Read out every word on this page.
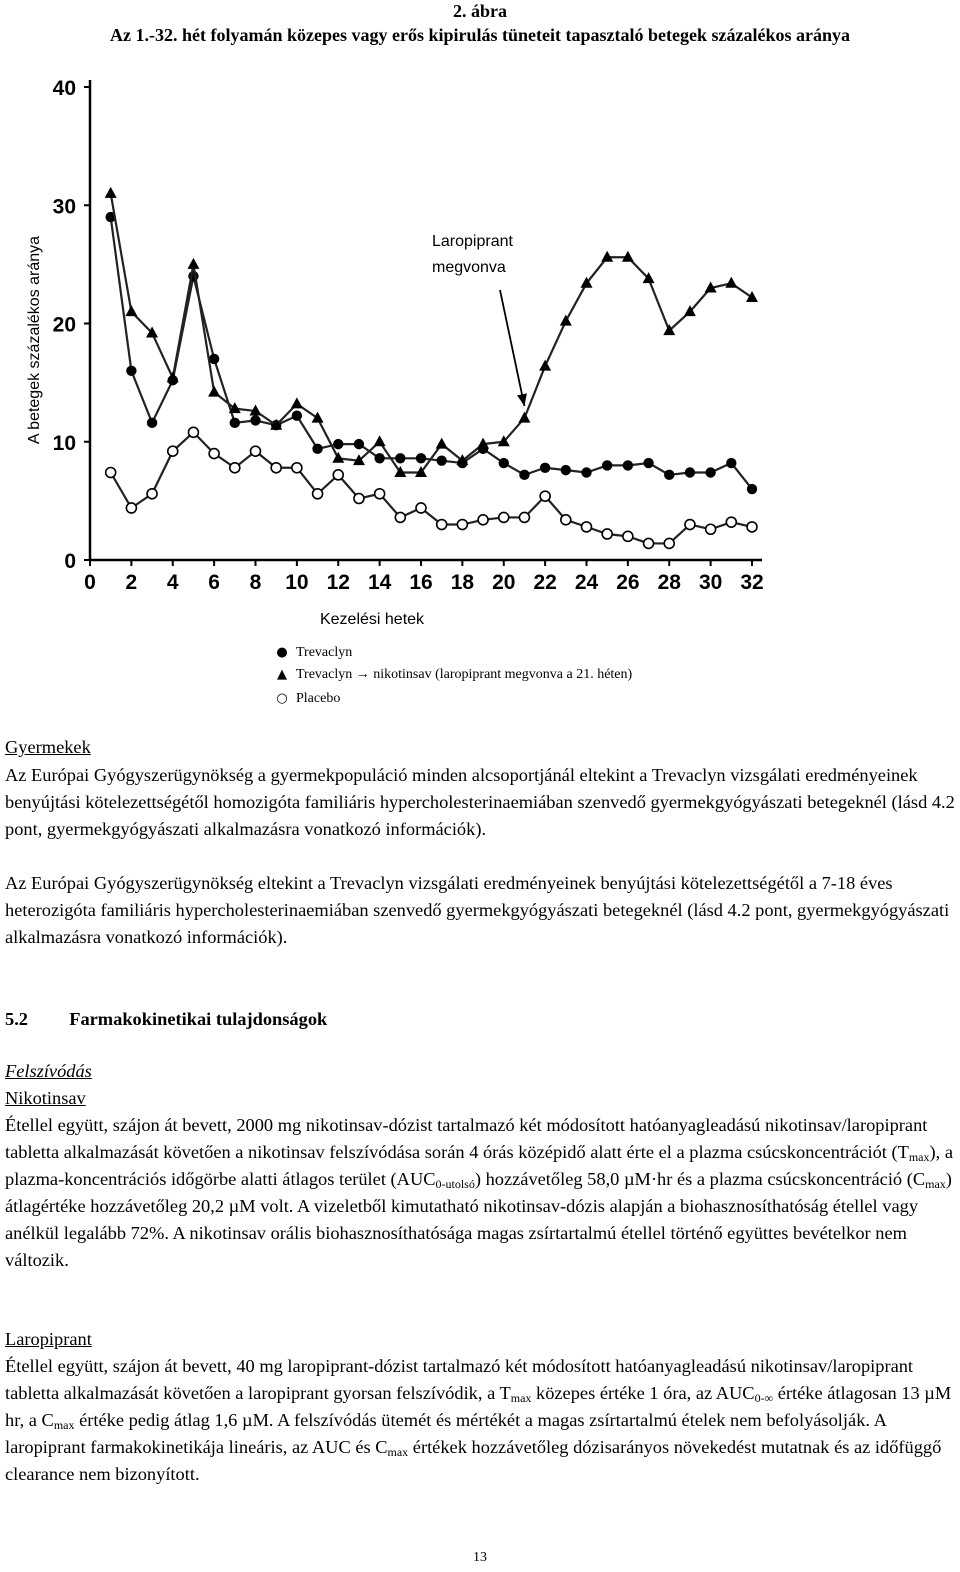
2. ábra
Az 1.-32. hét folyamán közepes vagy erős kipirulás tüneteit tapasztaló betegek százalékos aránya
0
10
20
30
40
0 2 4 6 8 10 12 14 16 18 20 22 24 26 28 30 32
A betegek százalékos aránya
Kezelési hetek
Laropiprant
megvonva
● Trevaclyn
▲ Trevaclyn → nikotinsav (laropiprant megvonva a 21. héten)
○ Placebo
Gyermekek
Az Európai Gyógyszerügynökség a gyermekpopuláció minden alcsoportjánál eltekint a Trevaclyn vizsgálati eredményeinek benyújtási kötelezettségétől homozigóta familiáris hypercholesterinaemiában szenvedő gyermekgyógyászati betegeknél (lásd 4.2 pont, gyermekgyógyászati alkalmazásra vonatkozó információk).
Az Európai Gyógyszerügynökség eltekint a Trevaclyn vizsgálati eredményeinek benyújtási kötelezettségétől a 7-18 éves heterozigóta familiáris hypercholesterinaemiában szenvedő gyermekgyógyászati betegeknél (lásd 4.2 pont, gyermekgyógyászati alkalmazásra vonatkozó információk).
5.2 Farmakokinetikai tulajdonságok
Felszívódás
Nikotinsav
Étellel együtt, szájon át bevett, 2000 mg nikotinsav-dózist tartalmazó két módosított hatóanyagleadású nikotinsav/laropiprant tabletta alkalmazását követően a nikotinsav felszívódása során 4 órás középidő alatt érte el a plazma csúcskoncentrációt $(T_{max})$, a plazma-koncentrációs időgörbe alatti átlagos terület $(AUC_{0-utolsó})$ hozzávetőleg 58,0 µM·hr és a plazma csúcskoncentráció $(C_{max})$ átlagértéke hozzávetőleg 20,2 µM volt. A vizeletből kimutatható nikotinsav-dózis alapján a biohasznosíthatóság étellel vagy anélkül legalább 72%. A nikotinsav orális biohasznosíthatósága magas zsírtartalmú étellel történő együttes bevételkor nem változik.
Laropiprant
Étellel együtt, szájon át bevett, 40 mg laropiprant-dózist tartalmazó két módosított hatóanyagleadású nikotinsav/laropiprant tabletta alkalmazását követően a laropiprant gyorsan felszívódik, a $T_{max}$ közepes értéke 1 óra, az $AUC_{0-\infty}$ értéke átlagosan 13 µM hr, a $C_{max}$ értéke pedig átlag 1,6 µM. A felszívódás ütemét és mértékét a magas zsírtartalmú ételek nem befolyásolják. A laropiprant farmakokinetikája lineáris, az AUC és $C_{max}$ értékek hozzávetőleg dózisarányos növekedést mutatnak és az időfüggő clearance nem bizonyított.
13
